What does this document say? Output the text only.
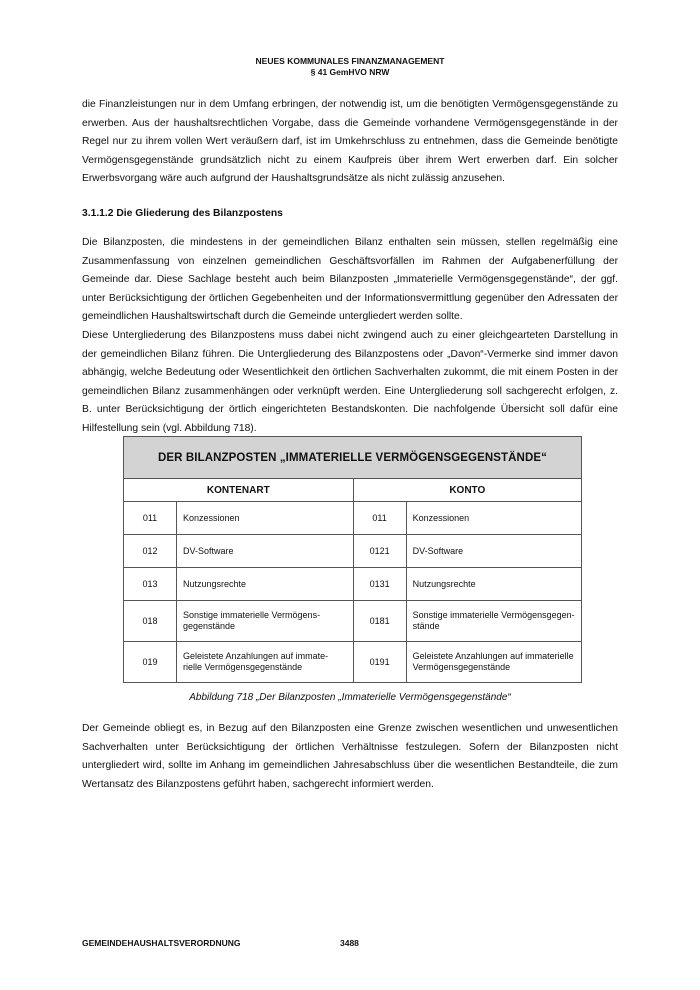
NEUES KOMMUNALES FINANZMANAGEMENT
§ 41 GemHVO NRW

die Finanzleistungen nur in dem Umfang erbringen, der notwendig ist, um die benötigten Vermögensgegenstände zu erwerben. Aus der haushaltsrechtlichen Vorgabe, dass die Gemeinde vorhandene Vermögensgegenstände in der Regel nur zu ihrem vollen Wert veräußern darf, ist im Umkehrschluss zu entnehmen, dass die Gemeinde benötigte Vermögensgegenstände grundsätzlich nicht zu einem Kaufpreis über ihrem Wert erwerben darf. Ein solcher Erwerbsvorgang wäre auch aufgrund der Haushaltsgrundsätze als nicht zulässig anzusehen.

3.1.1.2 Die Gliederung des Bilanzpostens

Die Bilanzposten, die mindestens in der gemeindlichen Bilanz enthalten sein müssen, stellen regelmäßig eine Zusammenfassung von einzelnen gemeindlichen Geschäftsvorfällen im Rahmen der Aufgabenerfüllung der Gemeinde dar. Diese Sachlage besteht auch beim Bilanzposten „Immaterielle Vermögensgegenstände“, der ggf. unter Berücksichtigung der örtlichen Gegebenheiten und der Informationsvermittlung gegenüber den Adressaten der gemeindlichen Haushaltswirtschaft durch die Gemeinde untergliedert werden sollte.

Diese Untergliederung des Bilanzpostens muss dabei nicht zwingend auch zu einer gleichgearteten Darstellung in der gemeindlichen Bilanz führen. Die Untergliederung des Bilanzpostens oder „Davon“-Vermerke sind immer davon abhängig, welche Bedeutung oder Wesentlichkeit den örtlichen Sachverhalten zukommt, die mit einem Posten in der gemeindlichen Bilanz zusammenhängen oder verknüpft werden. Eine Untergliederung soll sachgerecht erfolgen, z. B. unter Berücksichtigung der örtlich eingerichteten Bestandskonten. Die nachfolgende Übersicht soll dafür eine Hilfestellung sein (vgl. Abbildung 718).

DER BILANZPOSTEN „IMMATERIELLE VERMÖGENSGEGENSTÄNDE“			
KONTENART		KONTO	
011	Konzessionen	011	Konzessionen
012	DV-Software	0121	DV-Software
013	Nutzungsrechte	0131	Nutzungsrechte
018	Sonstige immaterielle Vermögens-gegenstände	0181	Sonstige immaterielle Vermögensgegen-stände
019	Geleistete Anzahlungen auf immate-rielle Vermögensgegenstände	0191	Geleistete Anzahlungen auf immaterielle Vermögensgegenstände
Abbildung 718 „Der Bilanzposten „Immaterielle Vermögensgegenstände“

Der Gemeinde obliegt es, in Bezug auf den Bilanzposten eine Grenze zwischen wesentlichen und unwesentlichen Sachverhalten unter Berücksichtigung der örtlichen Verhältnisse festzulegen. Sofern der Bilanzposten nicht untergliedert wird, sollte im Anhang im gemeindlichen Jahresabschluss über die wesentlichen Bestandteile, die zum Wertansatz des Bilanzpostens geführt haben, sachgerecht informiert werden.

GEMEINDEHAUSHALTSVERORDNUNG	3488
